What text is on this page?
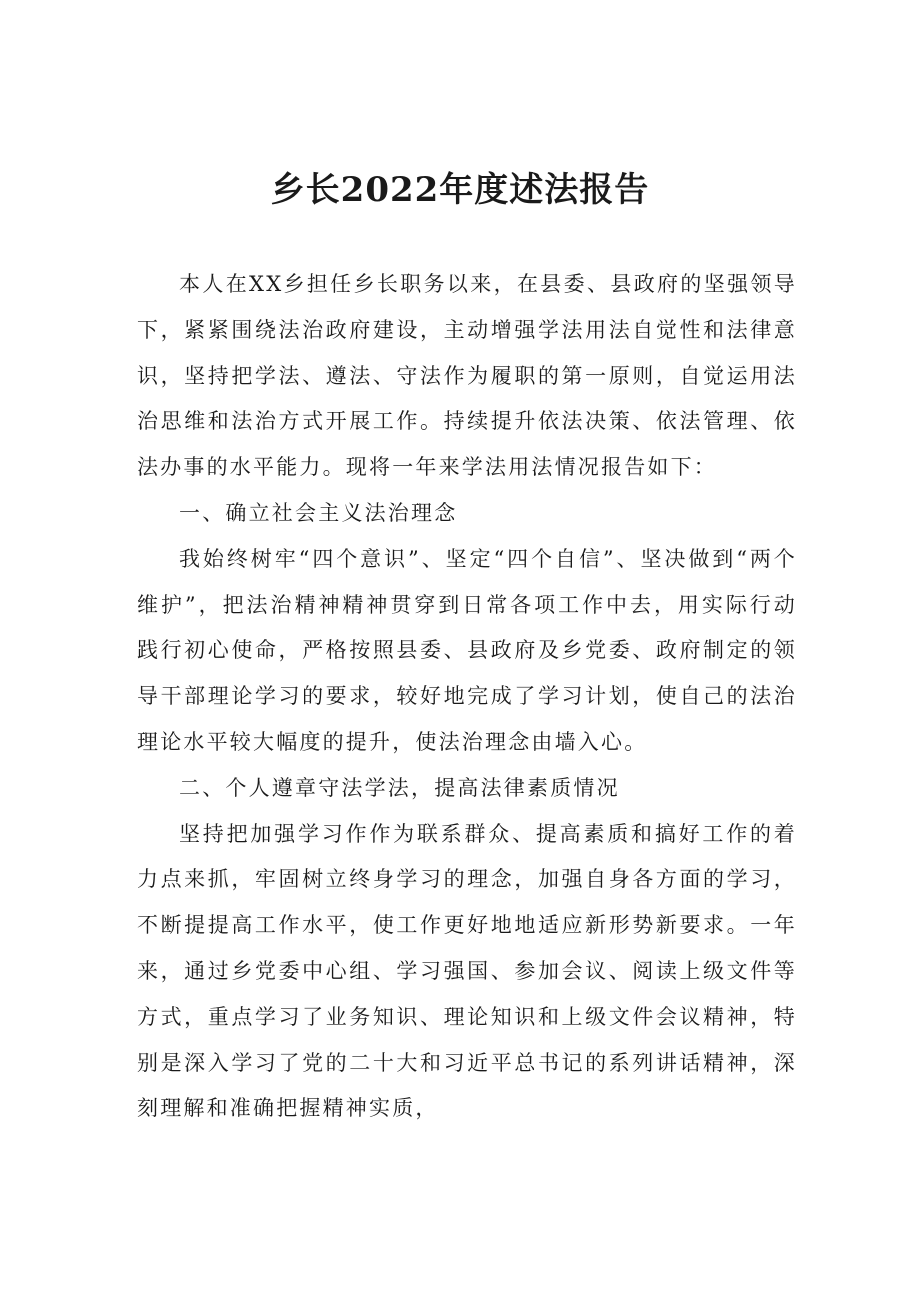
乡长2022年度述法报告

本人在XX乡担任乡长职务以来，在县委、县政府的坚强领导下，紧紧围绕法治政府建设，主动增强学法用法自觉性和法律意识，坚持把学法、遵法、守法作为履职的第一原则，自觉运用法治思维和法治方式开展工作。持续提升依法决策、依法管理、依法办事的水平能力。现将一年来学法用法情况报告如下：

一、确立社会主义法治理念

我始终树牢“四个意识”、坚定“四个自信”、坚决做到“两个维护”，把法治精神精神贯穿到日常各项工作中去，用实际行动践行初心使命，严格按照县委、县政府及乡党委、政府制定的领导干部理论学习的要求，较好地完成了学习计划，使自己的法治理论水平较大幅度的提升，使法治理念由墙入心。

二、个人遵章守法学法，提高法律素质情况

坚持把加强学习作作为联系群众、提高素质和搞好工作的着力点来抓，牢固树立终身学习的理念，加强自身各方面的学习，不断提提高工作水平，使工作更好地地适应新形势新要求。一年来，通过乡党委中心组、学习强国、参加会议、阅读上级文件等方式，重点学习了业务知识、理论知识和上级文件会议精神，特别是深入学习了党的二十大和习近平总书记的系列讲话精神，深刻理解和准确把握精神实质，
